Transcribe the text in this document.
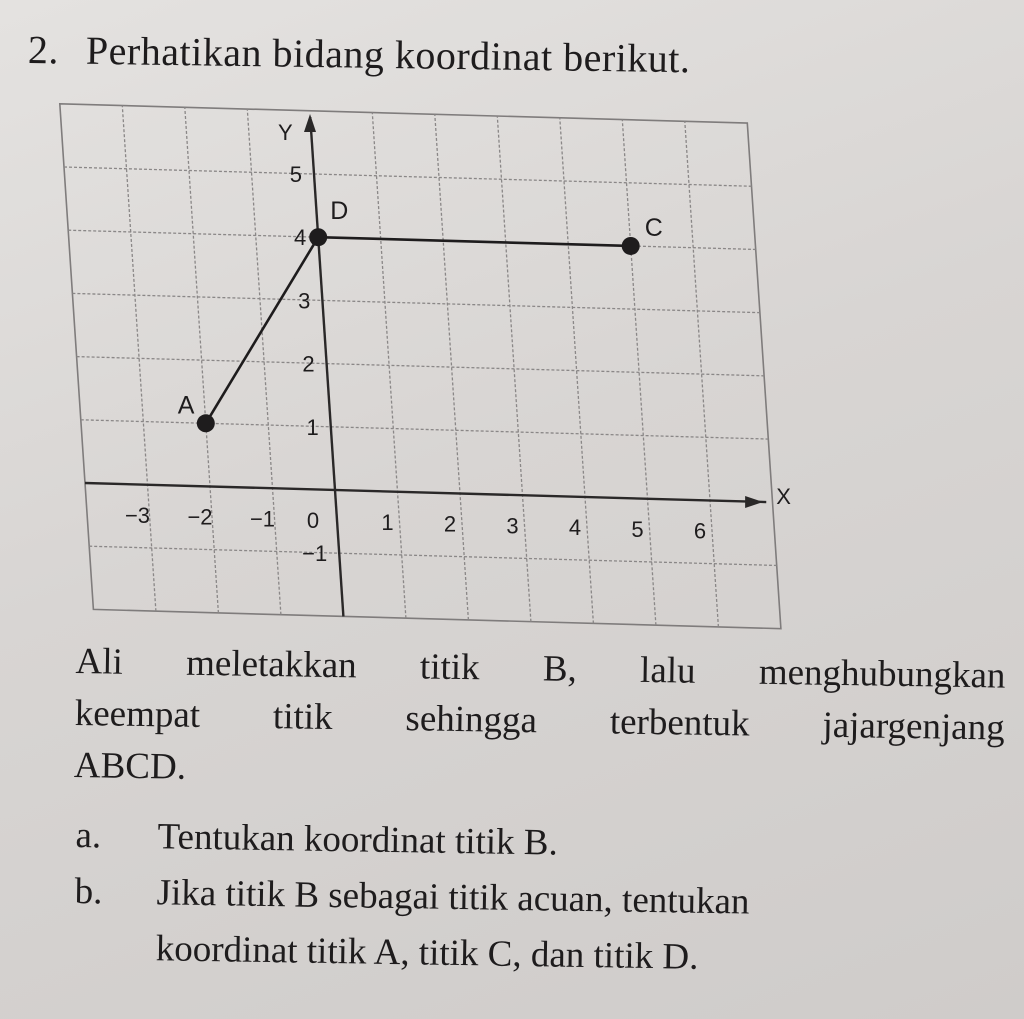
2. Perhatikan bidang koordinat berikut.
X
Y
−3 −2 −1 0	1 2 3 4 5 6
−1
1
2
3
4
5
A
D
C
Ali meletakkan titik B, lalu menghubungkan
keempat titik sehingga terbentuk jajargenjang
ABCD.
a. Tentukan koordinat titik B.
b. Jika titik B sebagai titik acuan, tentukan
koordinat titik A, titik C, dan titik D.
